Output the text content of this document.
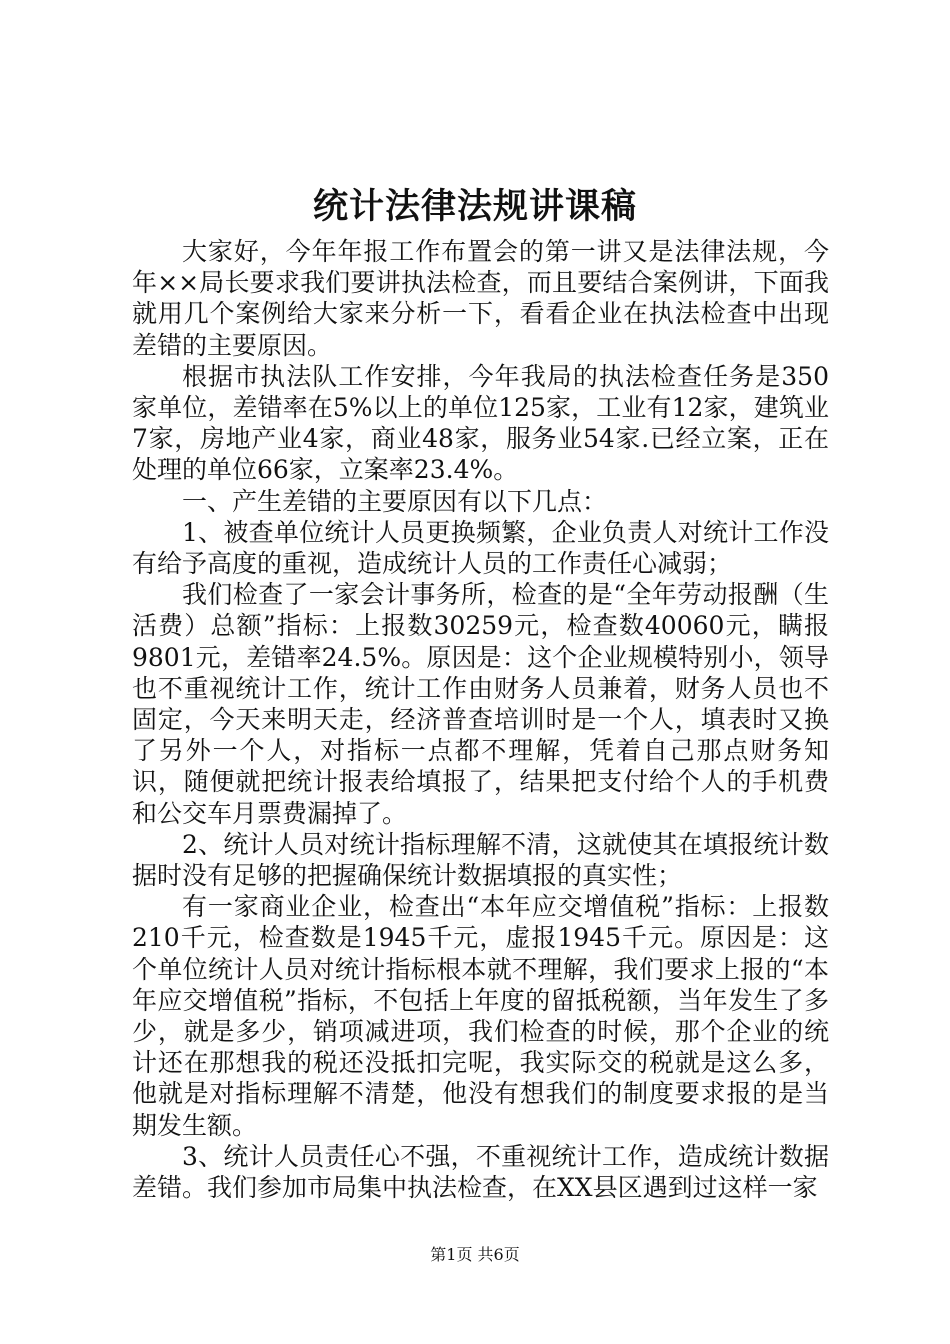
统计法律法规讲课稿

大家好，今年年报工作布置会的第一讲又是法律法规，今年××局长要求我们要讲执法检查，而且要结合案例讲，下面我就用几个案例给大家来分析一下，看看企业在执法检查中出现差错的主要原因。

根据市执法队工作安排，今年我局的执法检查任务是350家单位，差错率在5%以上的单位125家，工业有12家，建筑业7家，房地产业4家，商业48家，服务业54家.已经立案，正在处理的单位66家，立案率23.4%。

一、产生差错的主要原因有以下几点：

1、被查单位统计人员更换频繁，企业负责人对统计工作没有给予高度的重视，造成统计人员的工作责任心减弱；

我们检查了一家会计事务所，检查的是“全年劳动报酬（生活费）总额”指标：上报数30259元，检查数40060元，瞒报9801元，差错率24.5%。原因是：这个企业规模特别小，领导也不重视统计工作，统计工作由财务人员兼着，财务人员也不固定，今天来明天走，经济普查培训时是一个人，填表时又换了另外一个人，对指标一点都不理解，凭着自己那点财务知识，随便就把统计报表给填报了，结果把支付给个人的手机费和公交车月票费漏掉了。

2、统计人员对统计指标理解不清，这就使其在填报统计数据时没有足够的把握确保统计数据填报的真实性；

有一家商业企业，检查出“本年应交增值税”指标：上报数210千元，检查数是1945千元，虚报1945千元。原因是：这个单位统计人员对统计指标根本就不理解，我们要求上报的“本年应交增值税”指标，不包括上年度的留抵税额，当年发生了多少，就是多少，销项减进项，我们检查的时候，那个企业的统计还在那想我的税还没抵扣完呢，我实际交的税就是这么多，他就是对指标理解不清楚，他没有想我们的制度要求报的是当期发生额。

3、统计人员责任心不强，不重视统计工作，造成统计数据差错。我们参加市局集中执法检查，在XX县区遇到过这样一家

第1页 共6页
